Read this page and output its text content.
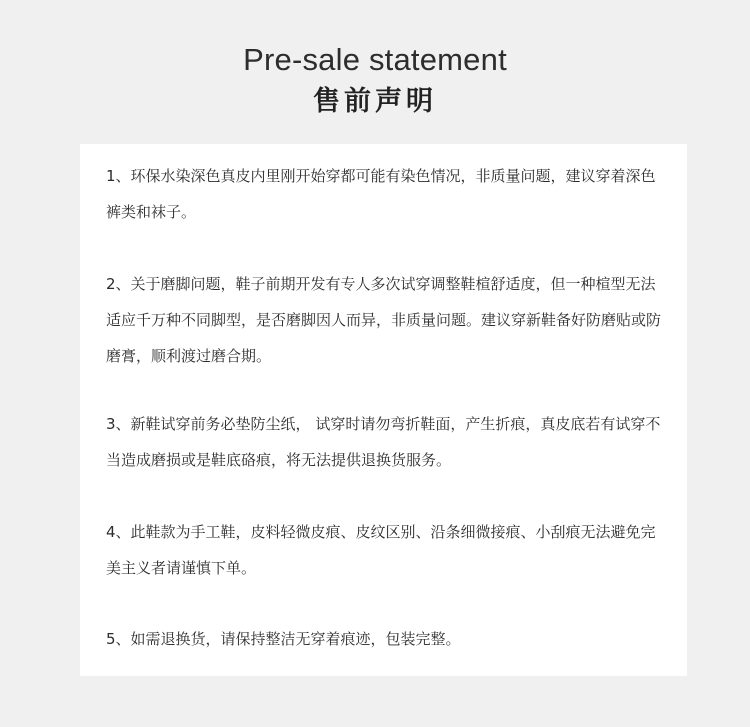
Pre-sale statement
售前声明

1、环保水染深色真皮内里刚开始穿都可能有染色情况，非质量问题，建议穿着深色裤类和袜子。

2、关于磨脚问题，鞋子前期开发有专人多次试穿调整鞋楦舒适度，但一种楦型无法适应千万种不同脚型，是否磨脚因人而异，非质量问题。建议穿新鞋备好防磨贴或防磨膏，顺利渡过磨合期。

3、新鞋试穿前务必垫防尘纸， 试穿时请勿弯折鞋面，产生折痕，真皮底若有试穿不当造成磨损或是鞋底硌痕，将无法提供退换货服务。

4、此鞋款为手工鞋，皮料轻微皮痕、皮纹区别、沿条细微接痕、小刮痕无法避免完美主义者请谨慎下单。

5、如需退换货，请保持整洁无穿着痕迹，包装完整。
